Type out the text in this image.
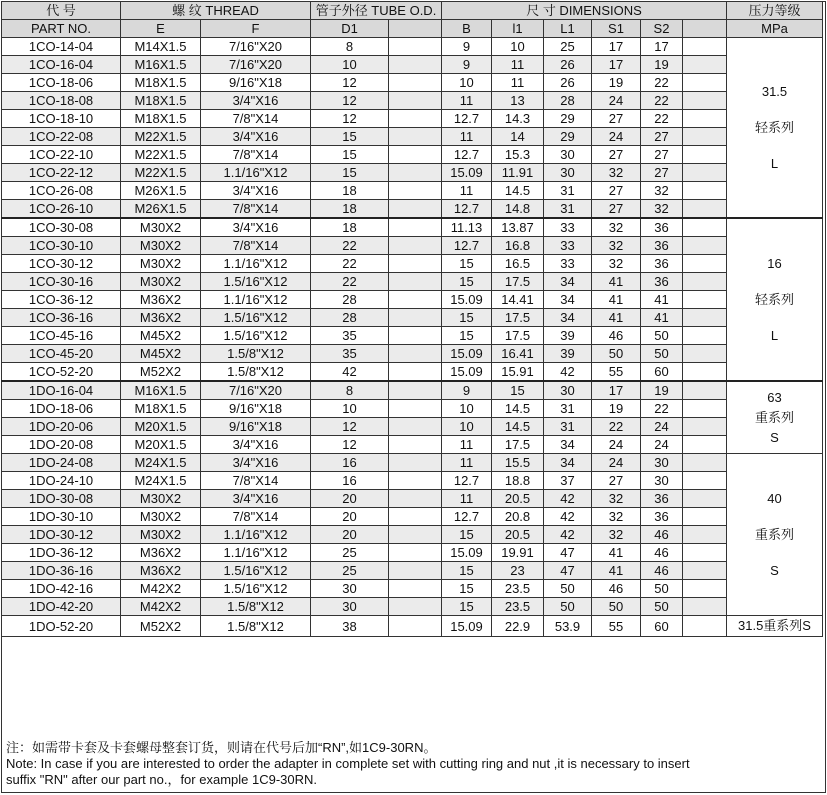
代 号	螺 纹 THREAD		管子外径 TUBE O.D.		尺 寸 DIMENSIONS						压力等级
PART NO.	E	F	D1		B	l1	L1	S1	S2		MPa
1CO-14-04	M14X1.5	7/16"X20	8		9	10	25	17	17		31.5
轻系列
L

1CO-16-04	M16X1.5	7/16"X20	10		9	11	26	17	19		
1CO-18-06	M18X1.5	9/16"X18	12		10	11	26	19	22		
1CO-18-08	M18X1.5	3/4"X16	12		11	13	28	24	22		
1CO-18-10	M18X1.5	7/8"X14	12		12.7	14.3	29	27	22		
1CO-22-08	M22X1.5	3/4"X16	15		11	14	29	24	27		
1CO-22-10	M22X1.5	7/8"X14	15		12.7	15.3	30	27	27		
1CO-22-12	M22X1.5	1.1/16"X12	15		15.09	11.91	30	32	27		
1CO-26-08	M26X1.5	3/4"X16	18		11	14.5	31	27	32		
1CO-26-10	M26X1.5	7/8"X14	18		12.7	14.8	31	27	32		
1CO-30-08	M30X2	3/4"X16	18		11.13	13.87	33	32	36		16
轻系列
L

1CO-30-10	M30X2	7/8"X14	22		12.7	16.8	33	32	36		
1CO-30-12	M30X2	1.1/16"X12	22		15	16.5	33	32	36		
1CO-30-16	M30X2	1.5/16"X12	22		15	17.5	34	41	36		
1CO-36-12	M36X2	1.1/16"X12	28		15.09	14.41	34	41	41		
1CO-36-16	M36X2	1.5/16"X12	28		15	17.5	34	41	41		
1CO-45-16	M45X2	1.5/16"X12	35		15	17.5	39	46	50		
1CO-45-20	M45X2	1.5/8"X12	35		15.09	16.41	39	50	50		
1CO-52-20	M52X2	1.5/8"X12	42		15.09	15.91	42	55	60		
1DO-16-04	M16X1.5	7/16"X20	8		9	15	30	17	19		63
重系列
S

1DO-18-06	M18X1.5	9/16"X18	10		10	14.5	31	19	22		
1DO-20-06	M20X1.5	9/16"X18	12		10	14.5	31	22	24		
1DO-20-08	M20X1.5	3/4"X16	12		11	17.5	34	24	24		
1DO-24-08	M24X1.5	3/4"X16	16		11	15.5	34	24	30		40
重系列
S

1DO-24-10	M24X1.5	7/8"X14	16		12.7	18.8	37	27	30		
1DO-30-08	M30X2	3/4"X16	20		11	20.5	42	32	36		
1DO-30-10	M30X2	7/8"X14	20		12.7	20.8	42	32	36		
1DO-30-12	M30X2	1.1/16"X12	20		15	20.5	42	32	46		
1DO-36-12	M36X2	1.1/16"X12	25		15.09	19.91	47	41	46		
1DO-36-16	M36X2	1.5/16"X12	25		15	23	47	41	46		
1DO-42-16	M42X2	1.5/16"X12	30		15	23.5	50	46	50		
1DO-42-20	M42X2	1.5/8"X12	30		15	23.5	50	50	50		
1DO-52-20	M52X2	1.5/8"X12	38		15.09	22.9	53.9	55	60		31.5重系列S
注：如需带卡套及卡套螺母整套订货，则请在代号后加“RN”,如1C9-30RN。
Note: In case if you are interested to order the adapter in complete set with cutting ring and nut ,it is necessary to insert
suffix "RN" after our part no.，for example 1C9-30RN.
